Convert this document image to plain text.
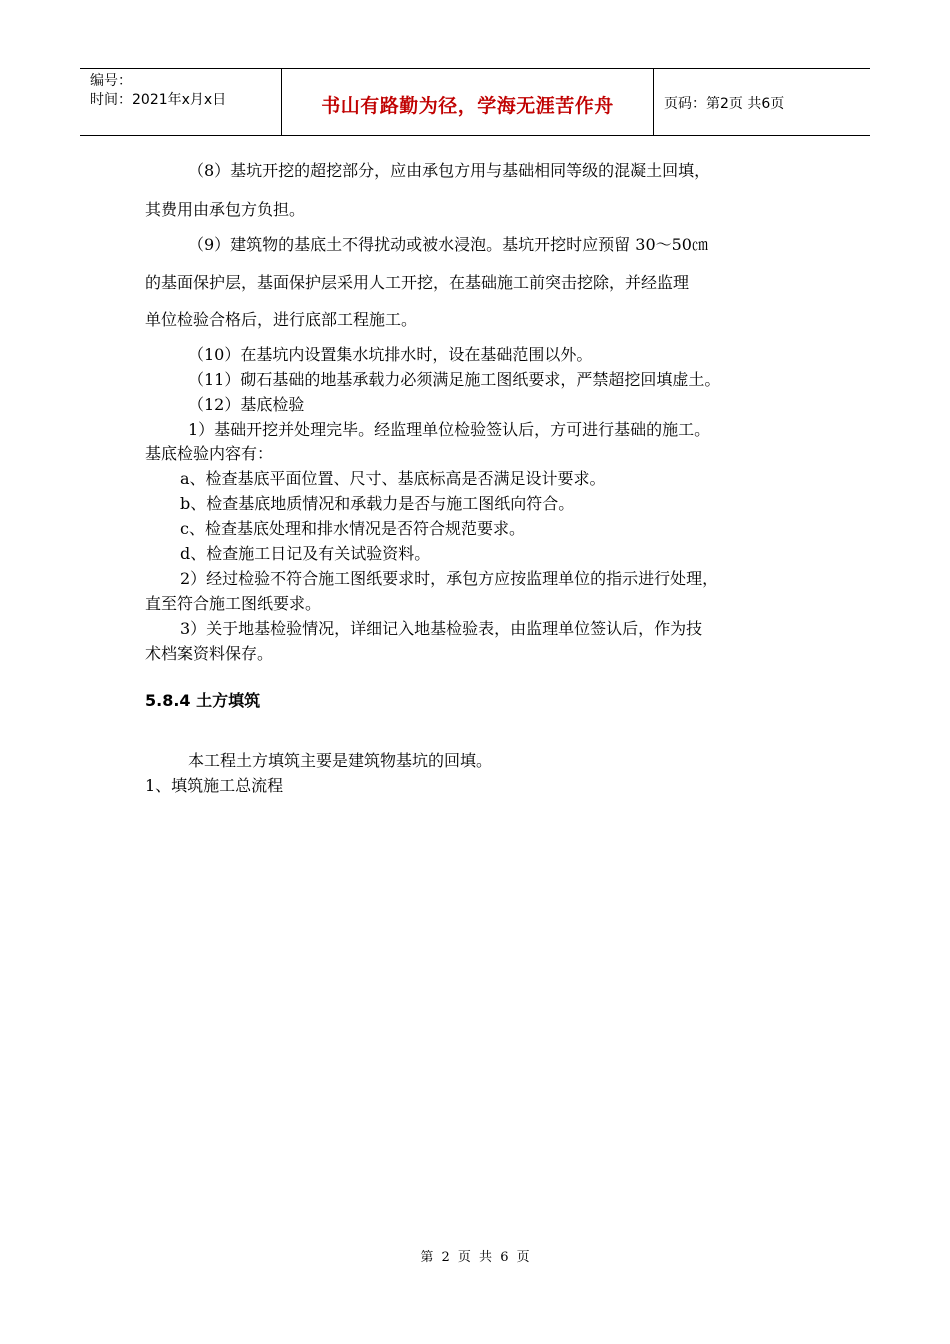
编号：
时间：2021年x月x日	书山有路勤为径，学海无涯苦作舟	页码：第2页 共6页
（8）基坑开挖的超挖部分，应由承包方用与基础相同等级的混凝土回填，
其费用由承包方负担。
（9）建筑物的基底土不得扰动或被水浸泡。基坑开挖时应预留 30～50㎝
的基面保护层，基面保护层采用人工开挖，在基础施工前突击挖除，并经监理
单位检验合格后，进行底部工程施工。
（10）在基坑内设置集水坑排水时，设在基础范围以外。
（11）砌石基础的地基承载力必须满足施工图纸要求，严禁超挖回填虚土。
（12）基底检验
1）基础开挖并处理完毕。经监理单位检验签认后，方可进行基础的施工。
基底检验内容有：
a、检查基底平面位置、尺寸、基底标高是否满足设计要求。
b、检查基底地质情况和承载力是否与施工图纸向符合。
c、检查基底处理和排水情况是否符合规范要求。
d、检查施工日记及有关试验资料。
2）经过检验不符合施工图纸要求时，承包方应按监理单位的指示进行处理，
直至符合施工图纸要求。
3）关于地基检验情况，详细记入地基检验表，由监理单位签认后，作为技
术档案资料保存。
5.8.4 土方填筑
本工程土方填筑主要是建筑物基坑的回填。
1、填筑施工总流程
第 2 页 共 6 页
